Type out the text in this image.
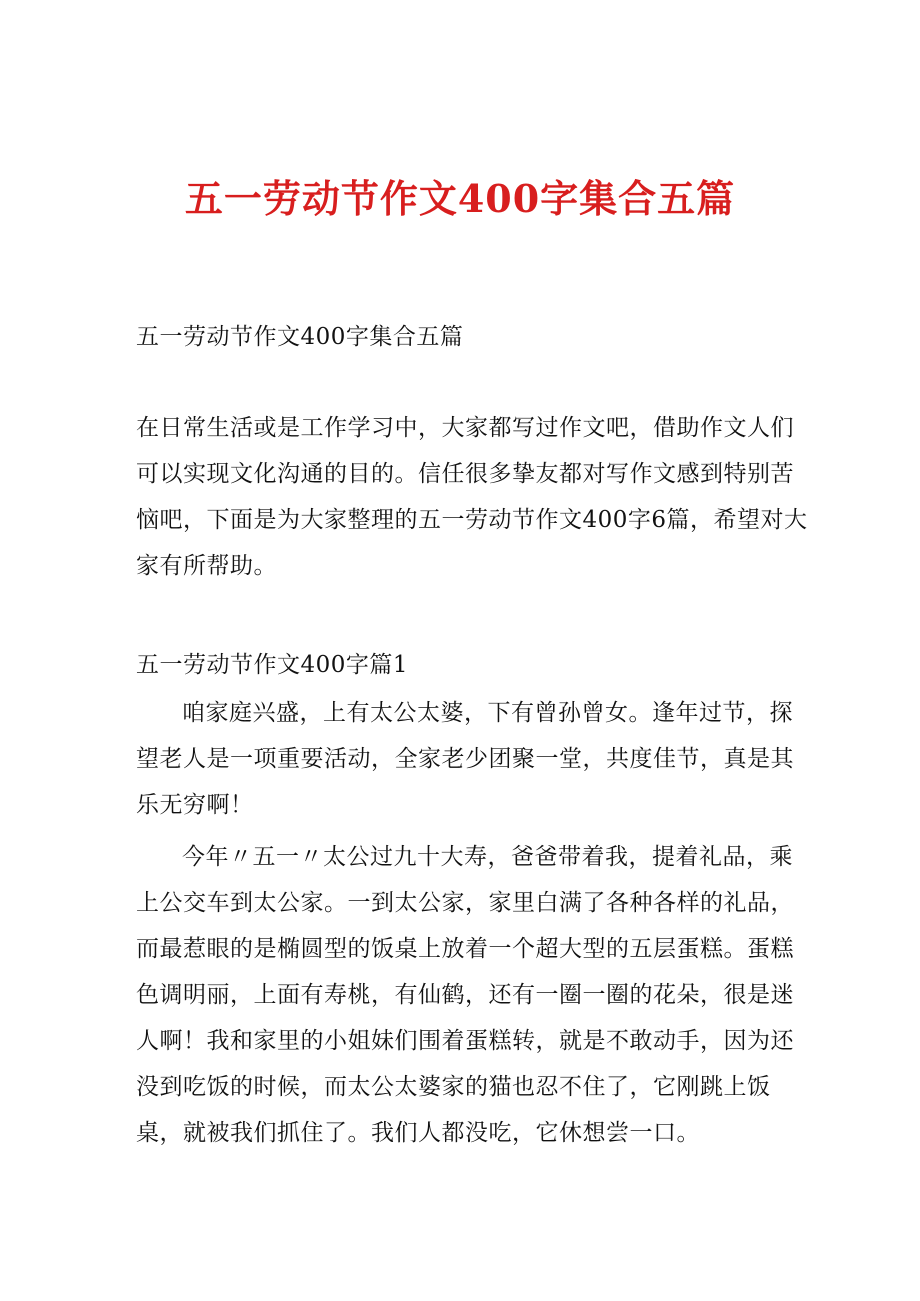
五一劳动节作文400字集合五篇

五一劳动节作文400字集合五篇

在日常生活或是工作学习中，大家都写过作文吧，借助作文人们可以实现文化沟通的目的。信任很多挚友都对写作文感到特别苦恼吧，下面是为大家整理的五一劳动节作文400字6篇，希望对大家有所帮助。

五一劳动节作文400字篇1

咱家庭兴盛，上有太公太婆，下有曾孙曾女。逢年过节，探望老人是一项重要活动，全家老少团聚一堂，共度佳节，真是其乐无穷啊！

今年〃五一〃太公过九十大寿，爸爸带着我，提着礼品，乘上公交车到太公家。一到太公家，家里白满了各种各样的礼品，而最惹眼的是椭圆型的饭桌上放着一个超大型的五层蛋糕。蛋糕色调明丽，上面有寿桃，有仙鹤，还有一圈一圈的花朵，很是迷人啊！我和家里的小姐妹们围着蛋糕转，就是不敢动手，因为还没到吃饭的时候，而太公太婆家的猫也忍不住了，它刚跳上饭桌，就被我们抓住了。我们人都没吃，它休想尝一口。
